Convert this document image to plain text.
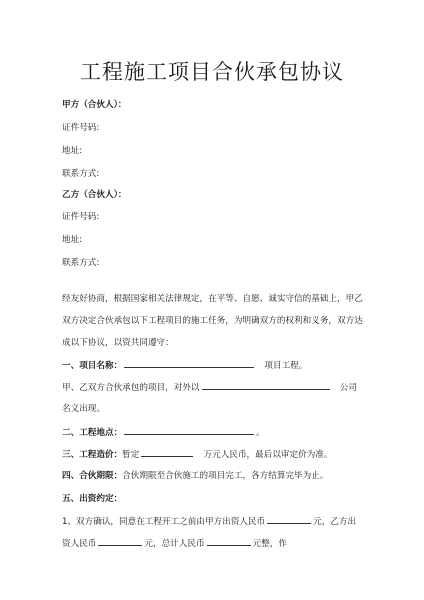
工程施工项目合伙承包协议
甲方（合伙人）：
证件号码:
地址:
联系方式:
乙方（合伙人）：
证件号码:
地址:
联系方式:
经友好协商，根据国家相关法律规定，在平等、自愿、诚实守信的基础上，甲乙
双方决定合伙承包以下工程项目的施工任务，为明确双方的权利和义务，双方达
成以下协议，以资共同遵守：
一、项目名称：	项目工程。
甲、乙双方合伙承包的项目，对外以	公司
名义出现。
二、工程地点：	。
三、工程造价：暂定	万元人民币，最后以审定价为准。
四、合伙期限：合伙期限至合伙施工的项目完工，各方结算完毕为止。
五、出资约定：
1、双方确认，同意在工程开工之前由甲方出资人民币	元，乙方出
资人民币	元，总计人民币	元整，作
